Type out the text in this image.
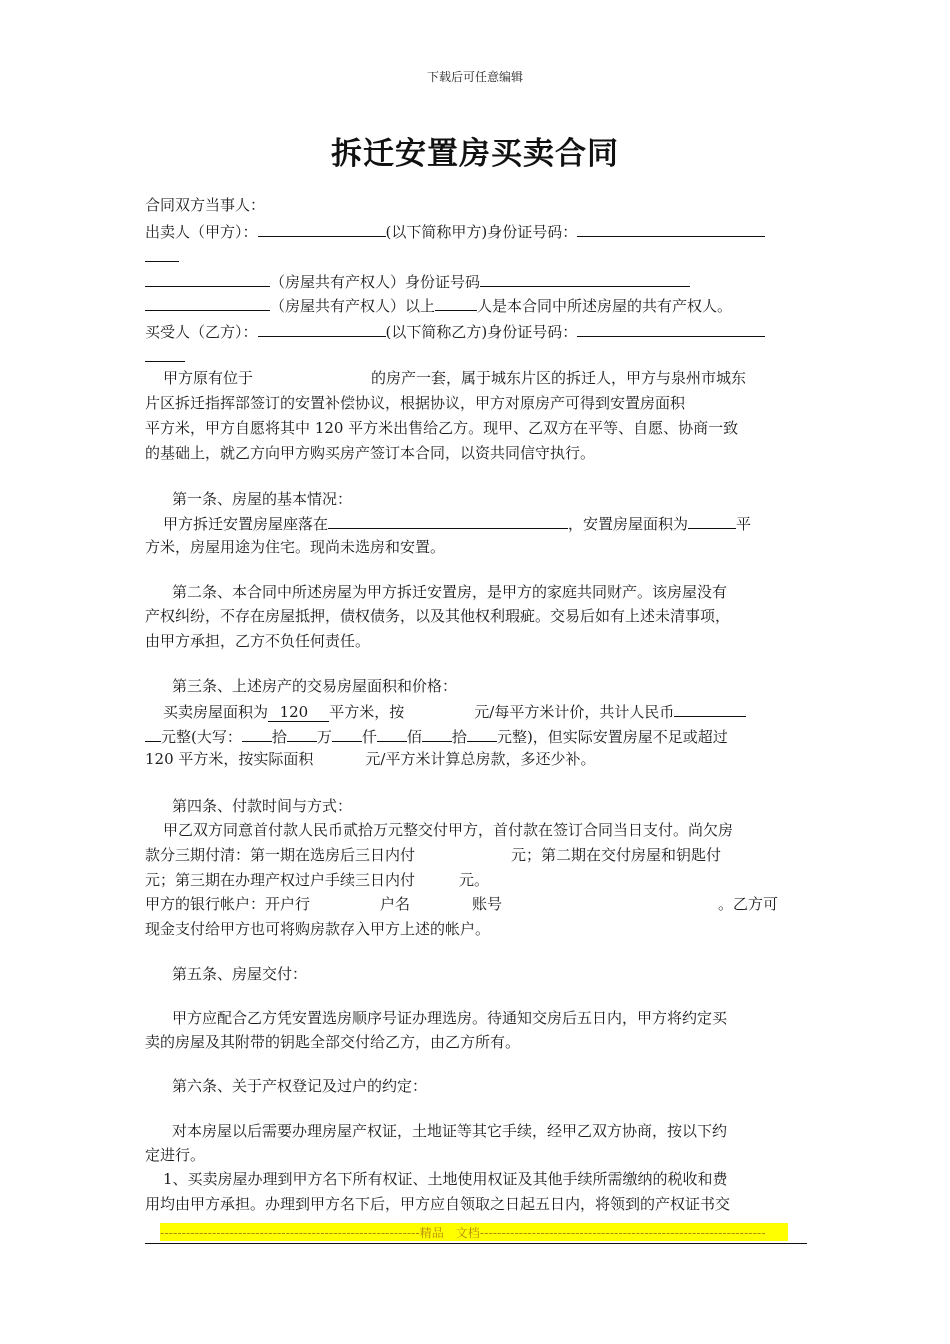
下载后可任意编辑
拆迁安置房买卖合同
合同双方当事人：
出卖人（甲方）：	(以下简称甲方)身份证号码：
（房屋共有产权人）身份证号码
（房屋共有产权人）以上	人是本合同中所述房屋的共有产权人。
买受人（乙方）：	(以下简称乙方)身份证号码：
甲方原有位于	的房产一套，属于城东片区的拆迁人，甲方与泉州市城东
片区拆迁指挥部签订的安置补偿协议，根据协议，甲方对原房产可得到安置房面积
平方米，甲方自愿将其中 120 平方米出售给乙方。现甲、乙双方在平等、自愿、协商一致
的基础上，就乙方向甲方购买房产签订本合同，以资共同信守执行。
第一条、房屋的基本情况：
甲方拆迁安置房屋座落在	，安置房屋面积为	平
方米，房屋用途为住宅。现尚未选房和安置。
第二条、本合同中所述房屋为甲方拆迁安置房，是甲方的家庭共同财产。该房屋没有
产权纠纷，不存在房屋抵押，债权债务，以及其他权利瑕疵。交易后如有上述未清事项，
由甲方承担，乙方不负任何责任。
第三条、上述房产的交易房屋面积和价格：
买卖房屋面积为 120 平方米，按	元/每平方米计价，共计人民币
元整(大写： 拾 万 仟 佰 拾 元整)，但实际安置房屋不足或超过
120 平方米，按实际面积	元/平方米计算总房款，多还少补。
第四条、付款时间与方式：
甲乙双方同意首付款人民币贰拾万元整交付甲方，首付款在签订合同当日支付。尚欠房
款分三期付清：第一期在选房后三日内付	元；第二期在交付房屋和钥匙付
元；第三期在办理产权过户手续三日内付	元。
甲方的银行帐户：开户行	户名	账号	。乙方可
现金支付给甲方也可将购房款存入甲方上述的帐户。
第五条、房屋交付：
甲方应配合乙方凭安置选房顺序号证办理选房。待通知交房后五日内，甲方将约定买
卖的房屋及其附带的钥匙全部交付给乙方，由乙方所有。
第六条、关于产权登记及过户的约定：
对本房屋以后需要办理房屋产权证，土地证等其它手续，经甲乙双方协商，按以下约
定进行。
1、买卖房屋办理到甲方名下所有权证、土地使用权证及其他手续所需缴纳的税收和费
用均由甲方承担。办理到甲方名下后，甲方应自领取之日起五日内，将领到的产权证书交
------------------------------------------------------------精品　文档------------------------------------------------------------------
